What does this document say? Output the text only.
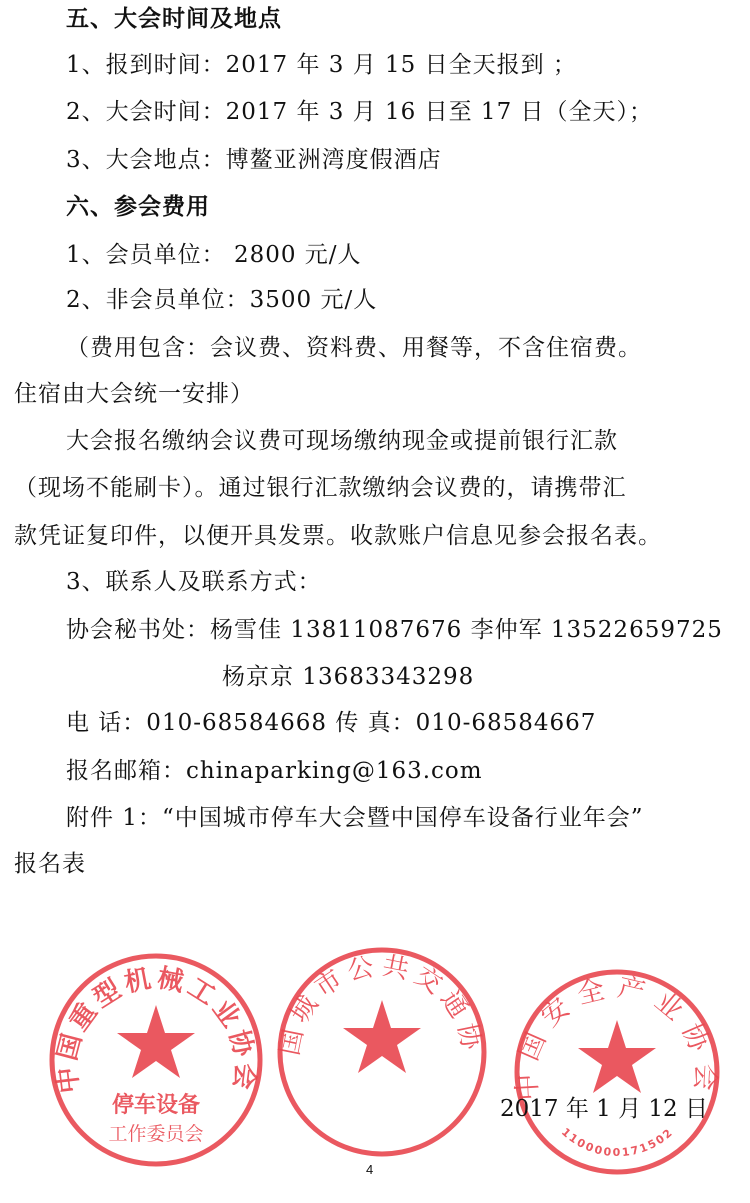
五、大会时间及地点
1、报到时间：2017 年 3 月 15 日全天报到 ；
2、大会时间：2017 年 3 月 16 日至 17 日（全天）；
3、大会地点：博鳌亚洲湾度假酒店
六、参会费用
1、会员单位： 2800 元/人
2、非会员单位：3500 元/人
（费用包含：会议费、资料费、用餐等，不含住宿费。
住宿由大会统一安排）
大会报名缴纳会议费可现场缴纳现金或提前银行汇款
（现场不能刷卡）。通过银行汇款缴纳会议费的，请携带汇
款凭证复印件，以便开具发票。收款账户信息见参会报名表。
3、联系人及联系方式：
协会秘书处：杨雪佳 13811087676 李仲军 13522659725
杨京京 13683343298
电 话：010-68584668 传 真：010-68584667
报名邮箱：chinaparking@163.com
附件 1：“中国城市停车大会暨中国停车设备行业年会”
报名表
中国重型机械工业协会
停车设备
工作委员会
国城市公共交通协
中国安全产业协会
1100000171502
2017 年 1 月 12 日
4
